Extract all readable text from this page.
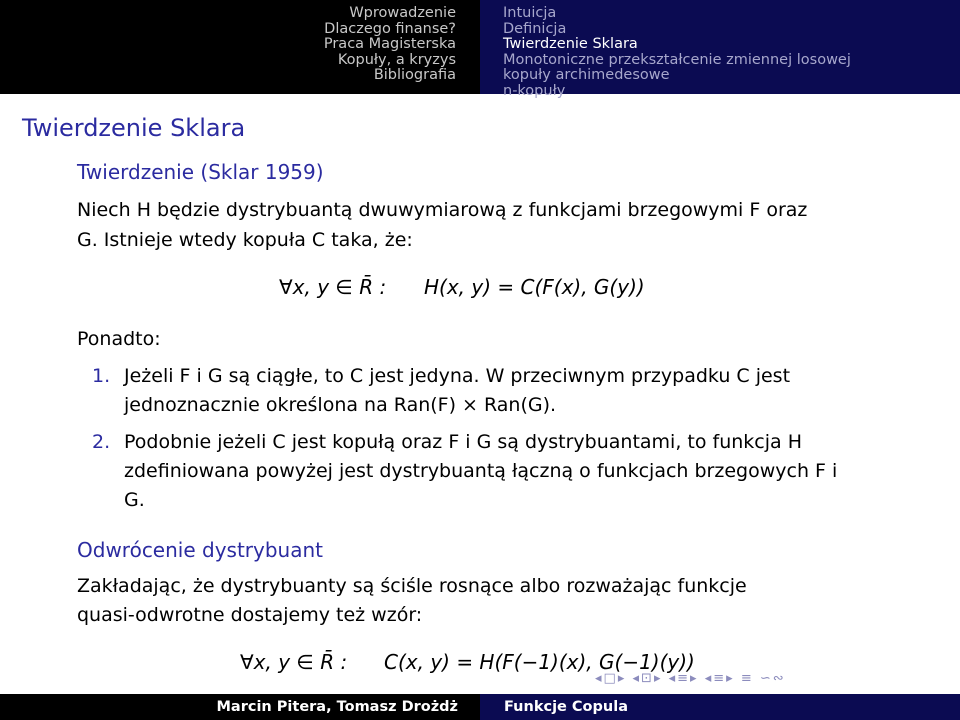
Wprowadzenie
Dlaczego finanse?
Praca Magisterska
Kopuły, a kryzys
Bibliografia
Intuicja
Definicja
Twierdzenie Sklara
Monotoniczne przekształcenie zmiennej losowej
kopuły archimedesowe
n-kopuły
Twierdzenie Sklara
Twierdzenie (Sklar 1959)
Niech H będzie dystrybuantą dwuwymiarową z funkcjami brzegowymi F oraz
G. Istnieje wtedy kopuła C taka, że:
∀x, y ∈ R̄ : H(x, y) = C(F(x), G(y))
Ponadto:
1. Jeżeli F i G są ciągłe, to C jest jedyna. W przeciwnym przypadku C jest
jednoznacznie określona na Ran(F) × Ran(G).
2. Podobnie jeżeli C jest kopułą oraz F i G są dystrybuantami, to funkcja H
zdefiniowana powyżej jest dystrybuantą łączną o funkcjach brzegowych F i
G.
Odwrócenie dystrybuant
Zakładając, że dystrybuanty są ściśle rosnące albo rozważając funkcje
quasi-odwrotne dostajemy też wzór:
∀x, y ∈ R̄ : C(x, y) = H(F(−1)(x), G(−1)(y))
◂□▸ ◂⊡▸ ◂≡▸ ◂≡▸ ≡ ∽∾
Marcin Pitera, Tomasz Drożdż	Funkcje Copula
